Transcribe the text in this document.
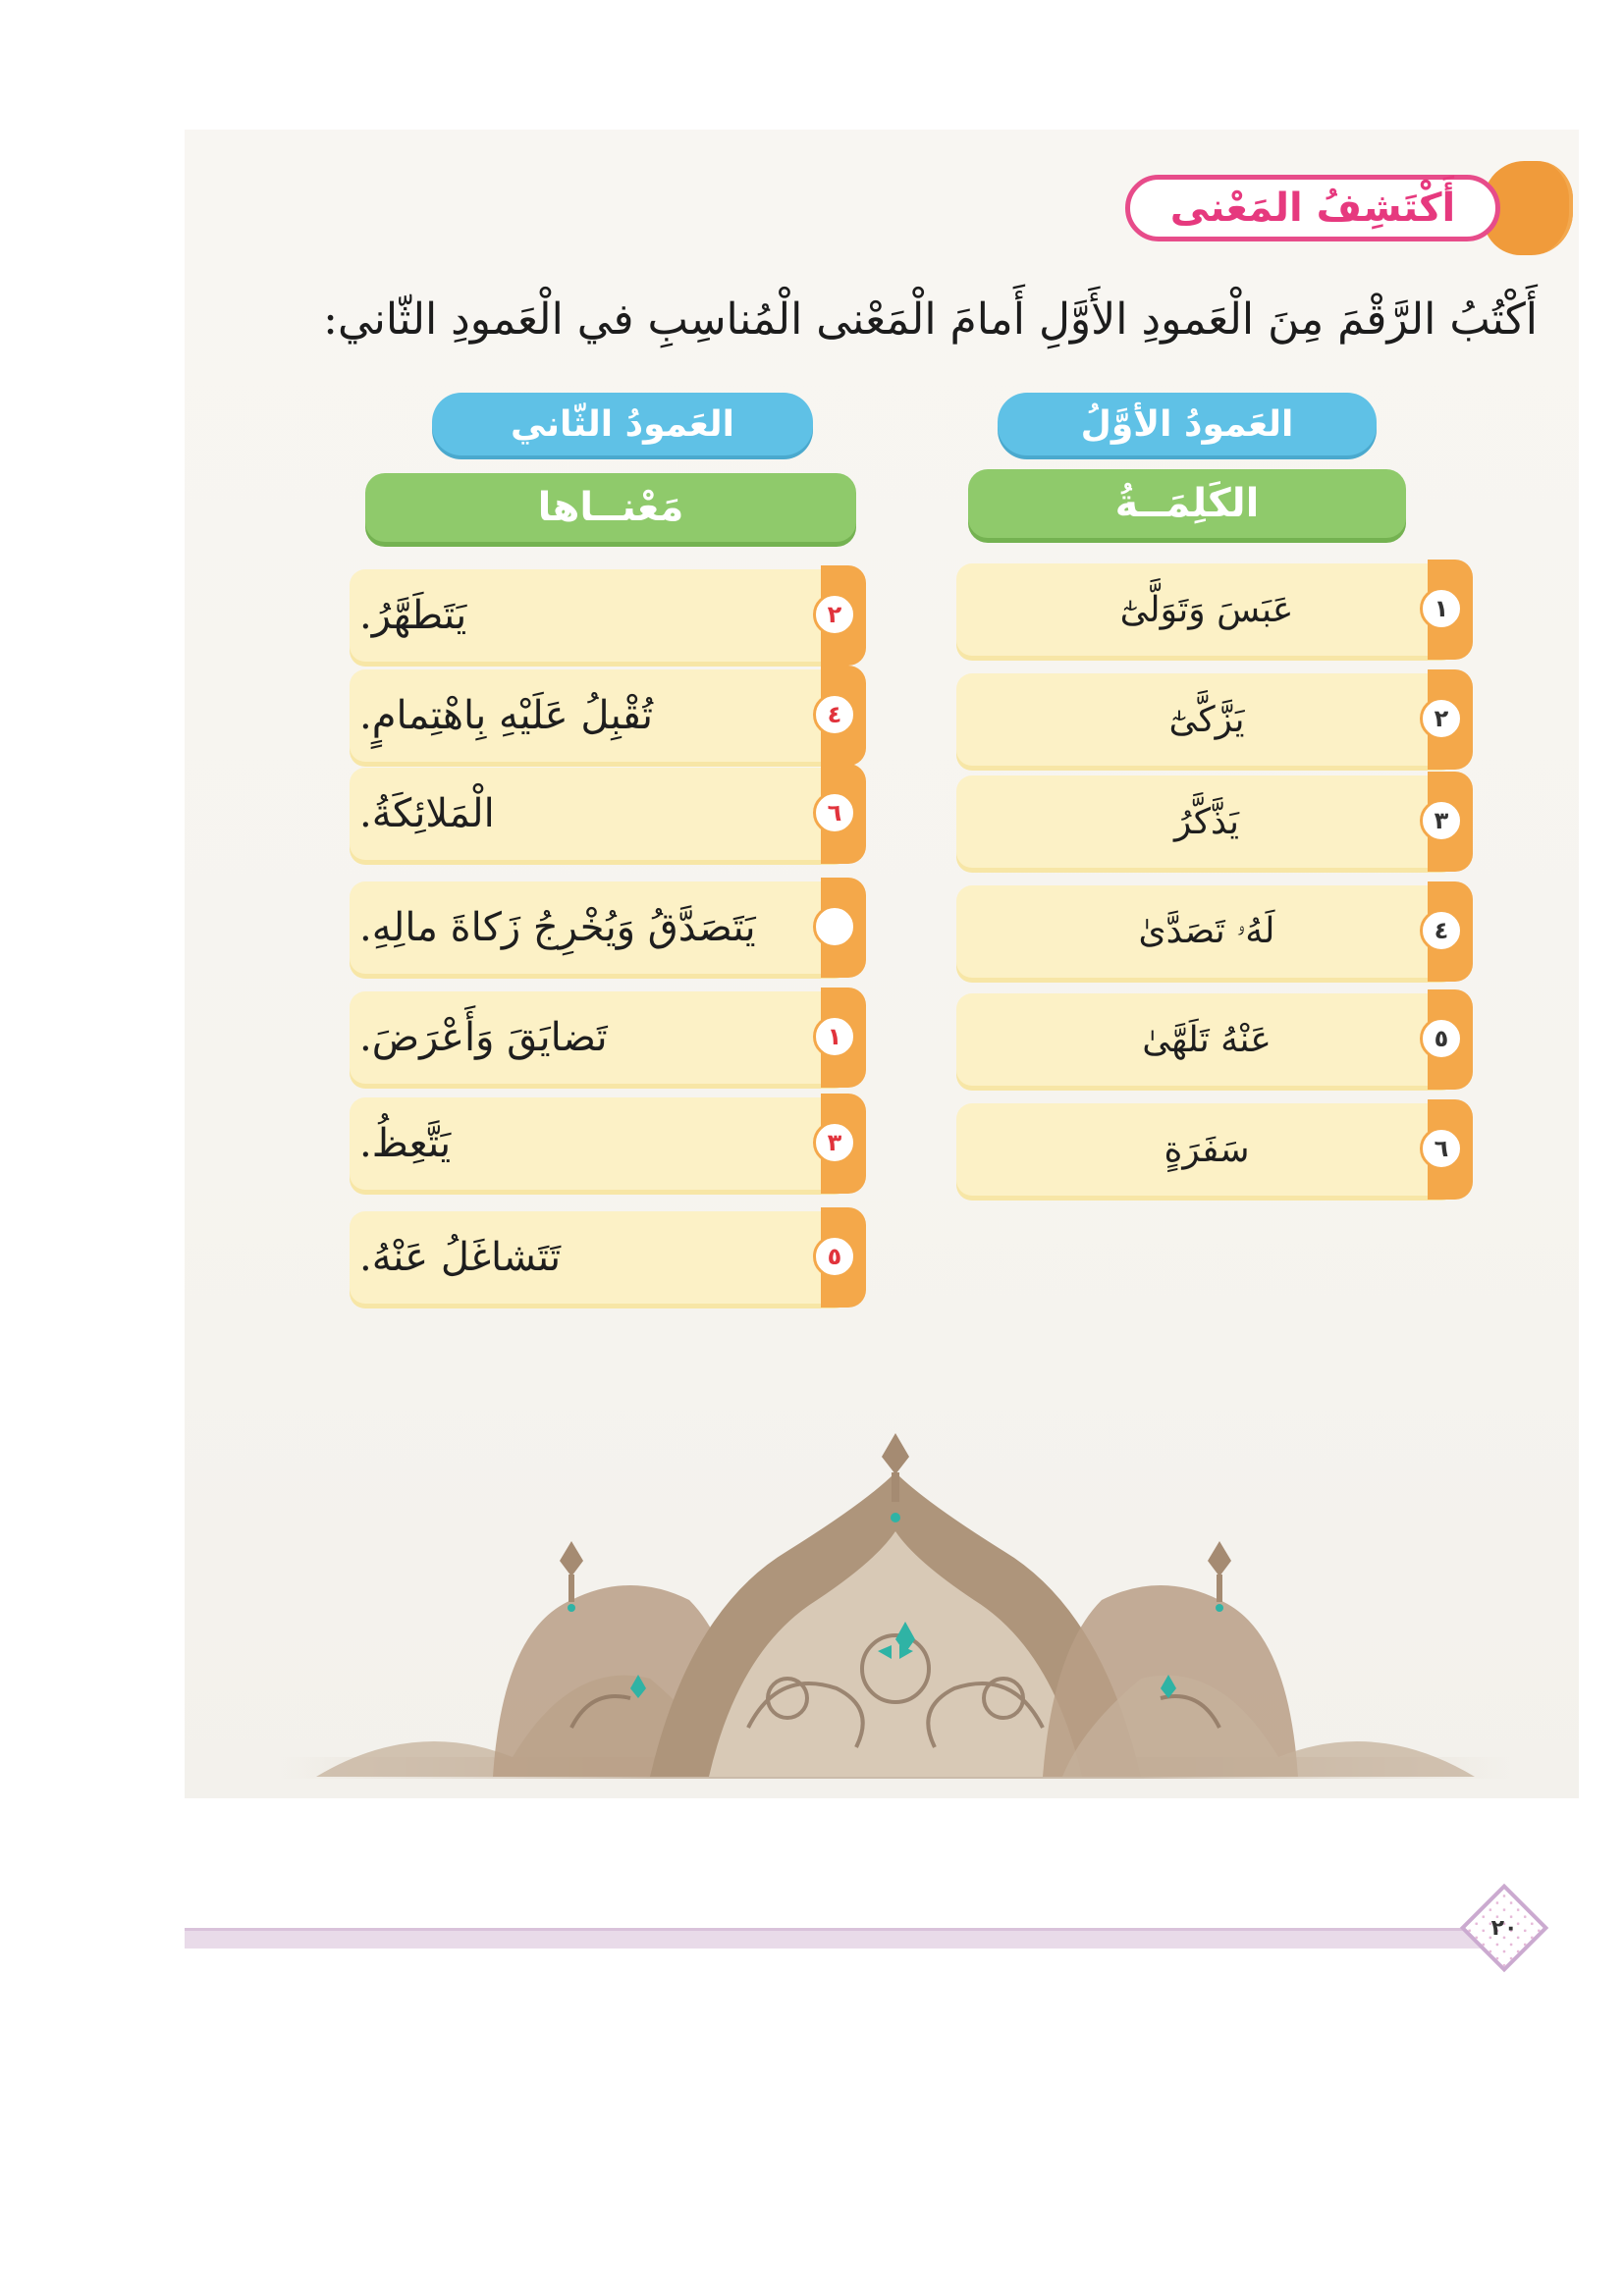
أَكْتَشِفُ المَعْنى
أَكْتُبُ الرَّقْمَ مِنَ الْعَمودِ الأَوَّلِ أَمامَ الْمَعْنى الْمُناسِبِ في الْعَمودِ الثّاني:
العَمودُ الأوَّلُ
الكَلِمَــةُ
العَمودُ الثّاني
مَعْنــاها
١
عَبَسَ وَتَوَلَّىٰٓ
٢
يَزَّكَّىٰٓ
٣
يَذَّكَّرُ
٤
لَهُۥ تَصَدَّىٰ
٥
عَنْهُ تَلَهَّىٰ
٦
سَفَرَةٍ
٢
يَتَطَهَّرُ.
٤
تُقْبِلُ عَلَيْهِ بِاهْتِمامٍ.
٦
الْمَلائِكَةُ.
يَتَصَدَّقُ وَيُخْرِجُ زَكاةَ مالِهِ.
١
تَضايَقَ وَأَعْرَضَ.
٣
يَتَّعِظُ.
٥
تَتَشاغَلُ عَنْهُ.
٢٠
